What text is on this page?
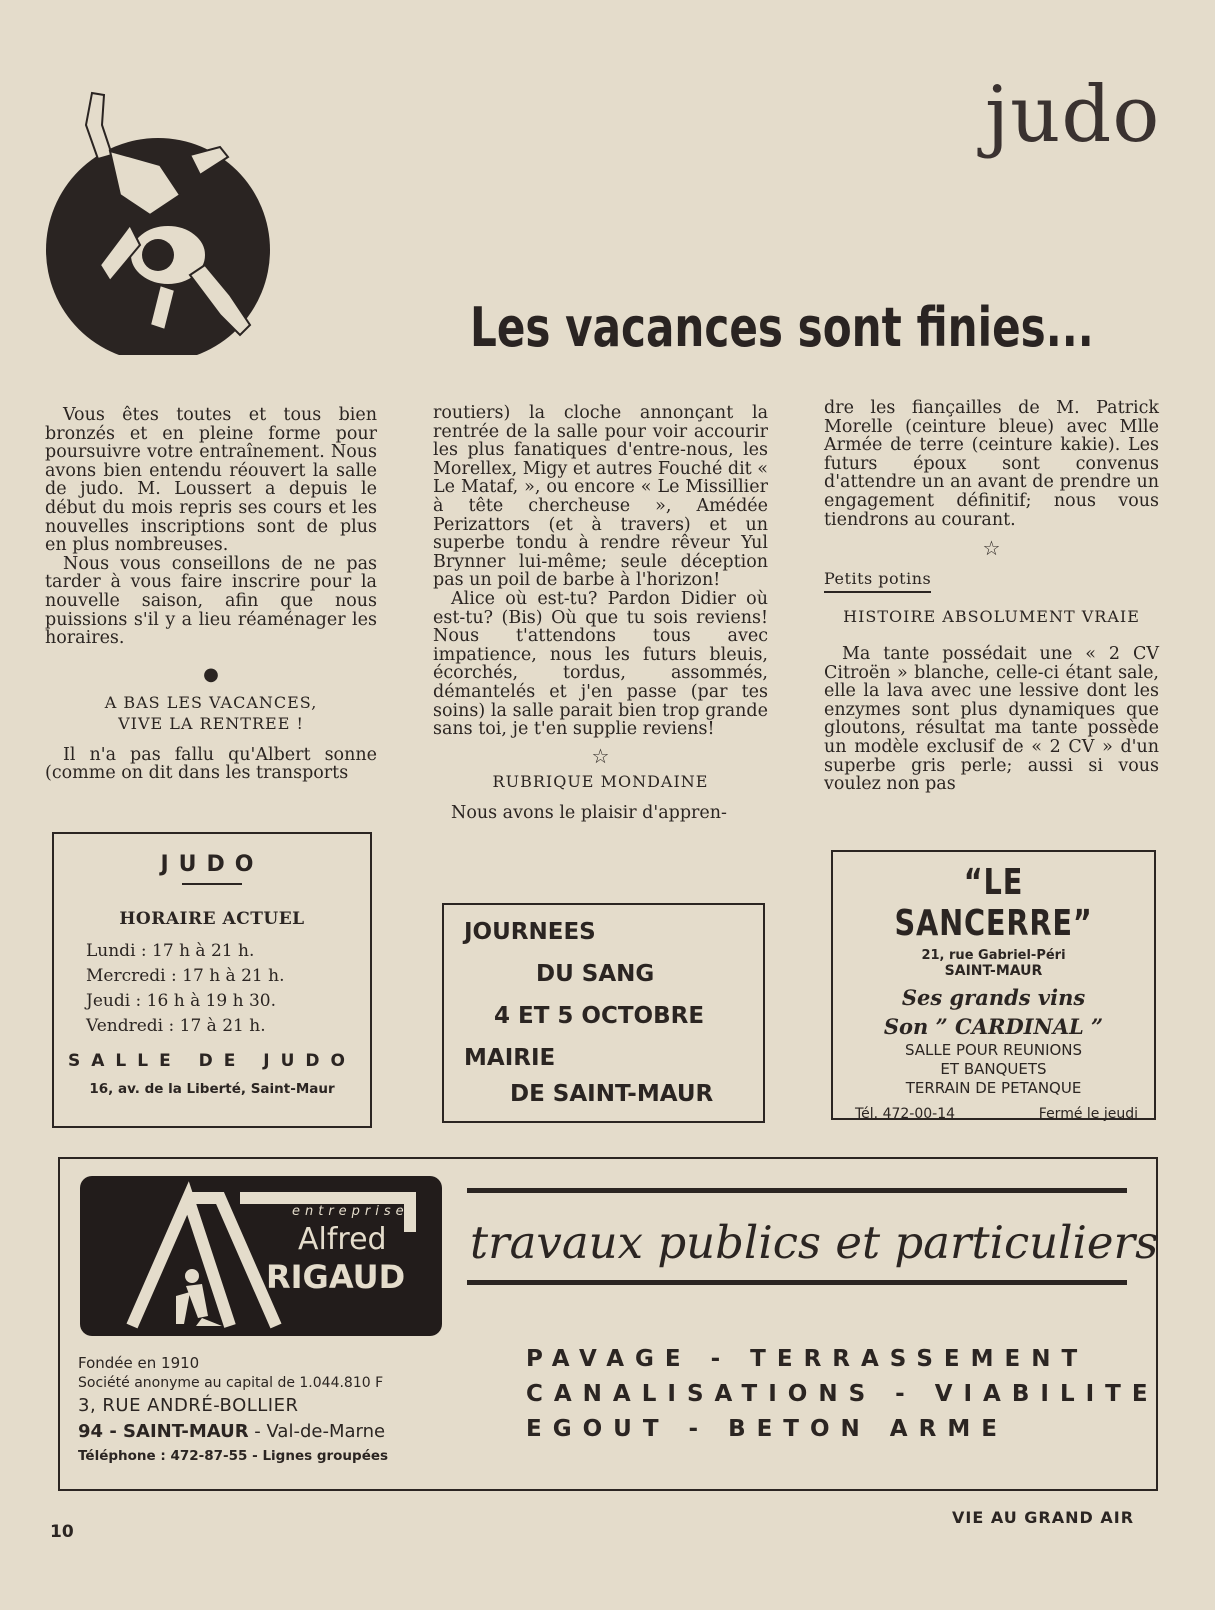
judo
Les vacances sont finies...

Vous êtes toutes et tous bien bronzés et en pleine forme pour poursuivre votre entraînement. Nous avons bien entendu réouvert la salle de judo. M. Loussert a depuis le début du mois repris ses cours et les nouvelles inscriptions sont de plus en plus nombreuses.

Nous vous conseillons de ne pas tarder à vous faire inscrire pour la nouvelle saison, afin que nous puissions s'il y a lieu réaménager les horaires.

●
A BAS LES VACANCES,
VIVE LA RENTREE !

Il n'a pas fallu qu'Albert sonne (comme on dit dans les transports

routiers) la cloche annonçant la rentrée de la salle pour voir accourir les plus fanatiques d'entre-nous, les Morellex, Migy et autres Fouché dit « Le Mataf, », ou encore « Le Missillier à tête chercheuse », Amédée Perizattors (et à travers) et un superbe tondu à rendre rêveur Yul Brynner lui-même; seule déception pas un poil de barbe à l'horizon!

Alice où est-tu? Pardon Didier où est-tu? (Bis) Où que tu sois reviens! Nous t'attendons tous avec impatience, nous les futurs bleuis, écorchés, tordus, assommés, démantelés et j'en passe (par tes soins) la salle parait bien trop grande sans toi, je t'en supplie reviens!

☆
RUBRIQUE MONDAINE

Nous avons le plaisir d'appren-

dre les fiançailles de M. Patrick Morelle (ceinture bleue) avec Mlle Armée de terre (ceinture kakie). Les futurs époux sont convenus d'attendre un an avant de prendre un engagement définitif; nous vous tiendrons au courant.

☆
Petits potins
HISTOIRE ABSOLUMENT VRAIE

Ma tante possédait une « 2 CV Citroën » blanche, celle-ci étant sale, elle la lava avec une lessive dont les enzymes sont plus dynamiques que gloutons, résultat ma tante possède un modèle exclusif de « 2 CV » d'un superbe gris perle; aussi si vous voulez non pas

JUDO
HORAIRE ACTUEL
Lundi : 17 h à 21 h.
Mercredi : 17 h à 21 h.
Jeudi : 16 h à 19 h 30.
Vendredi : 17 à 21 h.
SALLE DE JUDO
16, av. de la Liberté, Saint-Maur
JOURNEES
DU SANG
4 ET 5 OCTOBRE
MAIRIE
DE SAINT-MAUR
“LE SANCERRE”
21, rue Gabriel-Péri
SAINT-MAUR
Ses grands vins
Son ” CARDINAL ”
SALLE POUR REUNIONS
ET BANQUETS
TERRAIN DE PETANQUE
Tél. 472-00-14	Fermé le jeudi
entreprise
Alfred
RIGAUD
travaux publics et particuliers
Fondée en 1910
Société anonyme au capital de 1.044.810 F
3, RUE ANDRÉ-BOLLIER
94 - SAINT-MAUR - Val-de-Marne
Téléphone : 472-87-55 - Lignes groupées
PAVAGE - TERRASSEMENT
CANALISATIONS - VIABILITE
EGOUT - BETON ARME
10
VIE AU GRAND AIR
